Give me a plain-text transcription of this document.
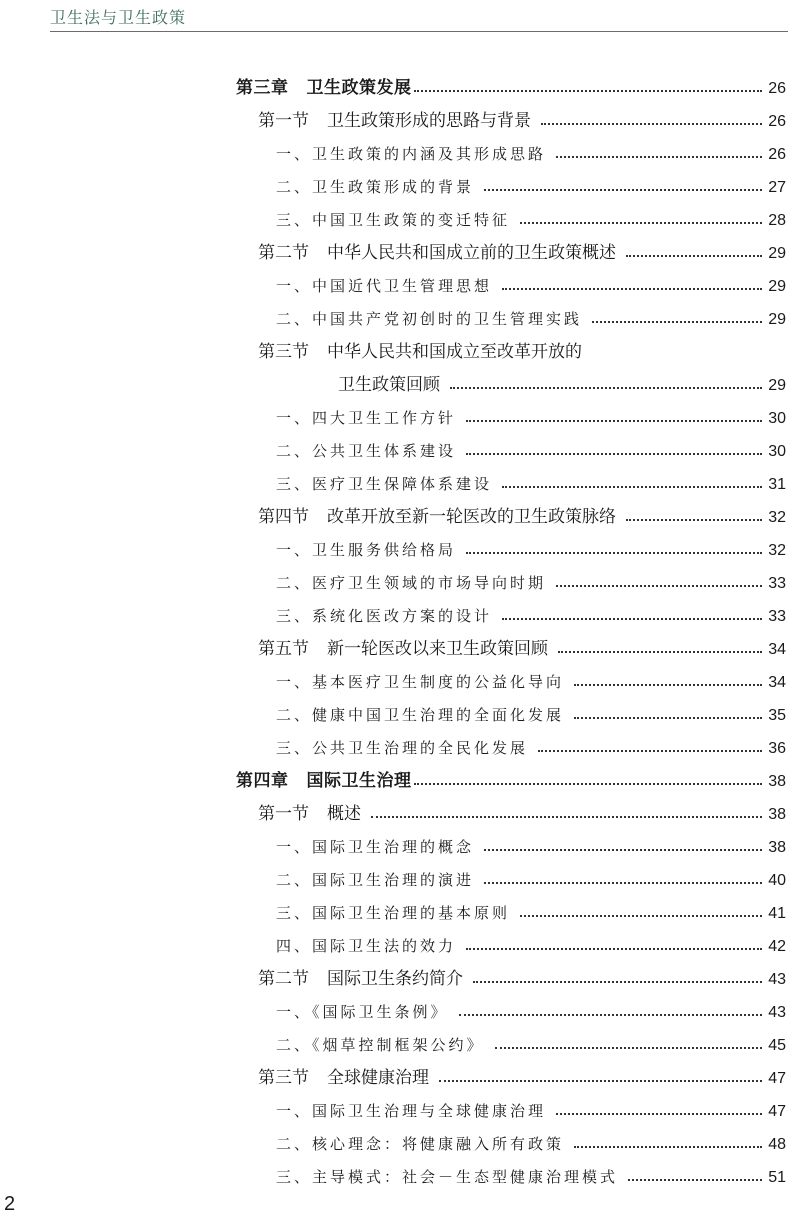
卫生法与卫生政策
第三章 卫生政策发展	26
第一节 卫生政策形成的思路与背景	26
一、卫生政策的内涵及其形成思路	26
二、卫生政策形成的背景	27
三、中国卫生政策的变迁特征	28
第二节 中华人民共和国成立前的卫生政策概述	29
一、中国近代卫生管理思想	29
二、中国共产党初创时的卫生管理实践	29
第三节 中华人民共和国成立至改革开放的
卫生政策回顾	29
一、四大卫生工作方针	30
二、公共卫生体系建设	30
三、医疗卫生保障体系建设	31
第四节 改革开放至新一轮医改的卫生政策脉络	32
一、卫生服务供给格局	32
二、医疗卫生领域的市场导向时期	33
三、系统化医改方案的设计	33
第五节 新一轮医改以来卫生政策回顾	34
一、基本医疗卫生制度的公益化导向	34
二、健康中国卫生治理的全面化发展	35
三、公共卫生治理的全民化发展	36
第四章 国际卫生治理	38
第一节 概述	38
一、国际卫生治理的概念	38
二、国际卫生治理的演进	40
三、国际卫生治理的基本原则	41
四、国际卫生法的效力	42
第二节 国际卫生条约简介	43
一、《国际卫生条例》	43
二、《烟草控制框架公约》	45
第三节 全球健康治理	47
一、国际卫生治理与全球健康治理	47
二、核心理念：将健康融入所有政策	48
三、主导模式：社会－生态型健康治理模式	51
2
